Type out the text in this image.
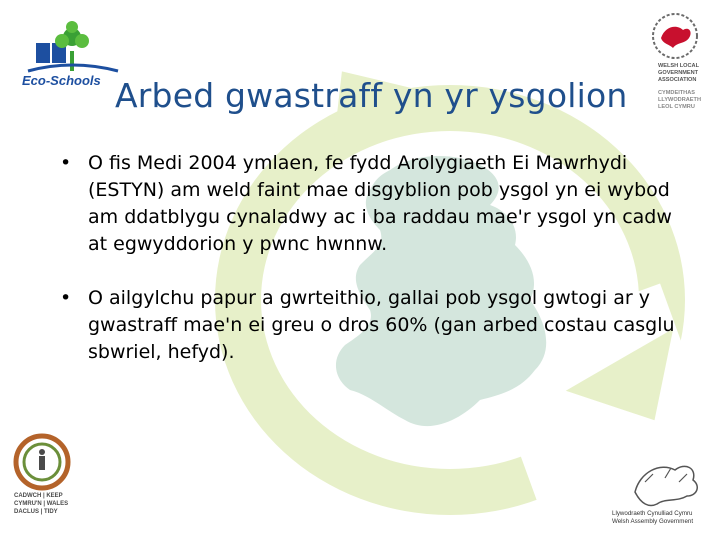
Eco-Schools
WELSH LOCAL
GOVERNMENT
ASSOCIATION
CYMDEITHAS
LLYWODRAETH
LEOL CYMRU
CADWCH | KEEP
CYMRU'N | WALES
DACLUS | TIDY	Llywodraeth Cynulliad Cymru
Welsh Assembly Government
Arbed gwastraff yn yr ysgolion
• O fis Medi 2004 ymlaen, fe fydd Arolygiaeth Ei Mawrhydi (ESTYN) am weld faint mae disgyblion pob ysgol yn ei wybod am ddatblygu cynaladwy ac i ba raddau mae'r ysgol yn cadw at egwyddorion y pwnc hwnnw.
• O ailgylchu papur a gwrteithio, gallai pob ysgol gwtogi ar y gwastraff mae'n ei greu o dros 60% (gan arbed costau casglu sbwriel, hefyd).
